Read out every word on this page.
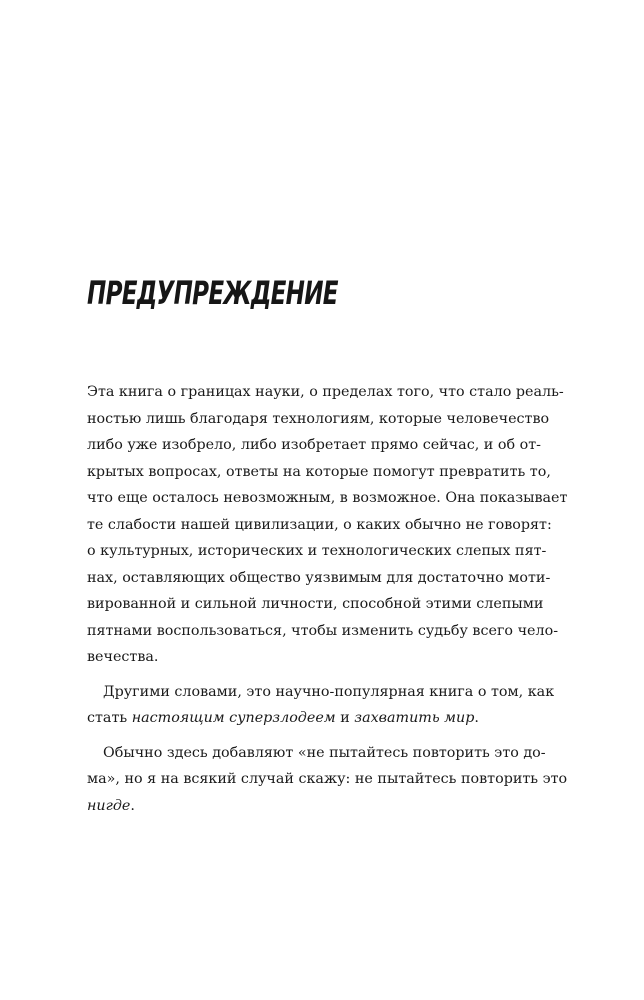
ПРЕДУПРЕЖДЕНИЕ
Эта книга о границах науки, о пределах того, что стало реаль-
ностью лишь благодаря технологиям, которые человечество
либо уже изобрело, либо изобретает прямо сейчас, и об от-
крытых вопросах, ответы на которые помогут превратить то,
что еще осталось невозможным, в возможное. Она показывает
те слабости нашей цивилизации, о каких обычно не говорят:
о культурных, исторических и технологических слепых пят-
нах, оставляющих общество уязвимым для достаточно моти-
вированной и сильной личности, способной этими слепыми
пятнами воспользоваться, чтобы изменить судьбу всего чело-
вечества.
Другими словами, это научно-популярная книга о том, как
стать настоящим суперзлодеем и захватить мир.
Обычно здесь добавляют «не пытайтесь повторить это до-
ма», но я на всякий случай скажу: не пытайтесь повторить это
нигде.
